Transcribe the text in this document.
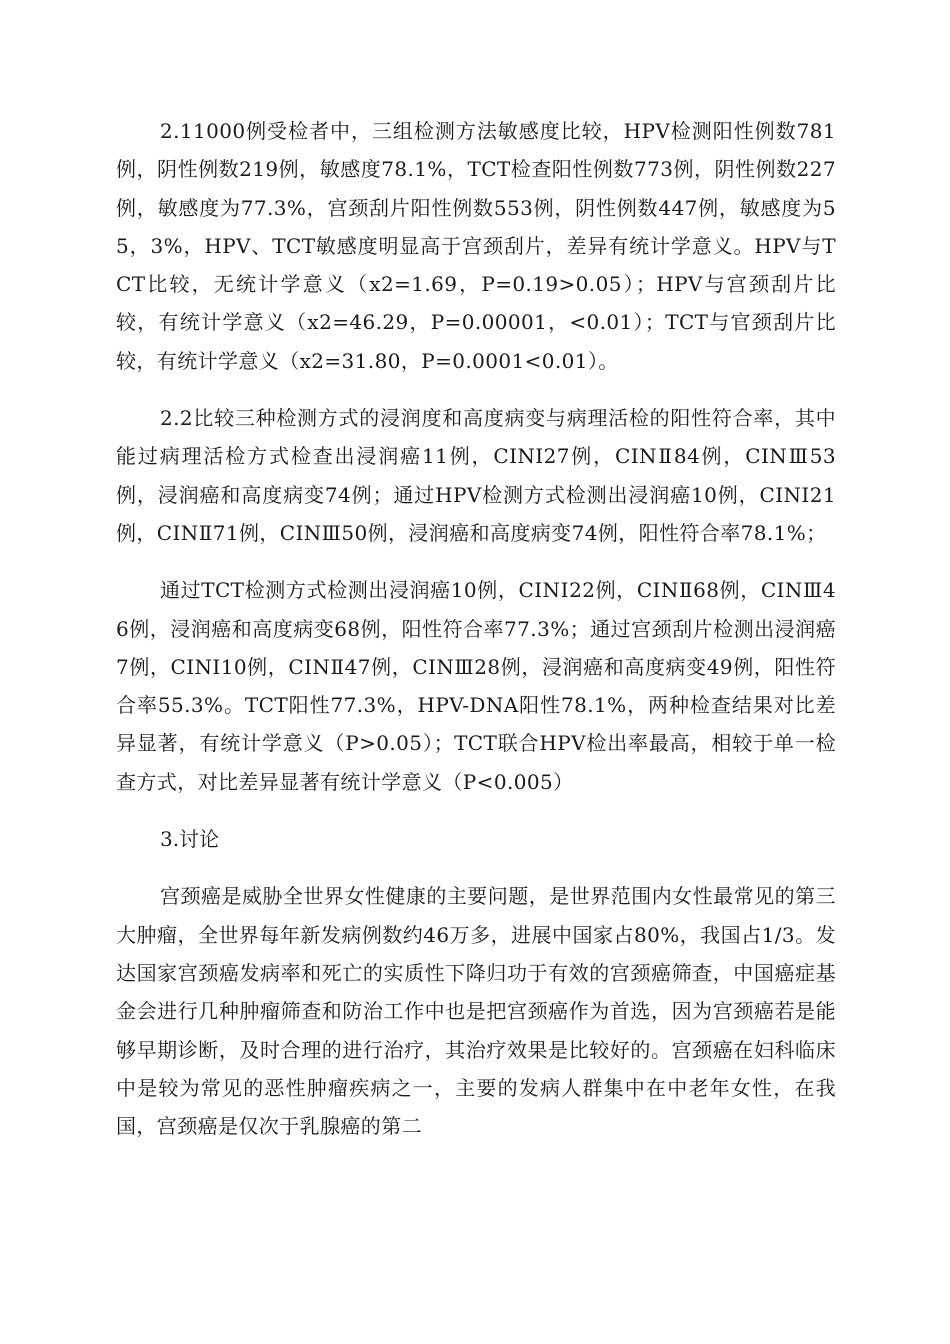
2.11000例受检者中，三组检测方法敏感度比较，HPV检测阳性例数781例，阴性例数219例，敏感度78.1%，TCT检查阳性例数773例，阴性例数227例，敏感度为77.3%，宫颈刮片阳性例数553例，阴性例数447例，敏感度为55，3%，HPV、TCT敏感度明显高于宫颈刮片，差异有统计学意义。HPV与TCT比较，无统计学意义（x2=1.69，P=0.19>0.05）；HPV与宫颈刮片比较，有统计学意义（x2=46.29，P=0.00001，<0.01）；TCT与官颈刮片比较，有统计学意义（x2=31.80，P=0.0001<0.01）。

2.2比较三种检测方式的浸润度和高度病变与病理活检的阳性符合率，其中能过病理活检方式检查出浸润癌11例，CINI27例，CINⅡ84例，CINⅢ53例，浸润癌和高度病变74例；通过HPV检测方式检测出浸润癌10例，CINI21例，CINⅡ71例，CINⅢ50例，浸润癌和高度病变74例，阳性符合率78.1%；

通过TCT检测方式检测出浸润癌10例，CINⅠ22例，CINⅡ68例，CINⅢ46例，浸润癌和高度病变68例，阳性符合率77.3%；通过宫颈刮片检测出浸润癌7例，CINI10例，CINⅡ47例，CINⅢ28例，浸润癌和高度病变49例，阳性符合率55.3%。TCT阳性77.3%，HPV-DNA阳性78.1%，两种检查结果对比差异显著，有统计学意义（P>0.05）；TCT联合HPV检出率最高，相较于单一检查方式，对比差异显著有统计学意义（P<0.005）

3.讨论

宫颈癌是威胁全世界女性健康的主要问题，是世界范围内女性最常见的第三大肿瘤，全世界每年新发病例数约46万多，进展中国家占80%，我国占1/3。发达国家宫颈癌发病率和死亡的实质性下降归功于有效的宫颈癌筛查，中国癌症基金会进行几种肿瘤筛查和防治工作中也是把宫颈癌作为首选，因为宫颈癌若是能够早期诊断，及时合理的进行治疗，其治疗效果是比较好的。宫颈癌在妇科临床中是较为常见的恶性肿瘤疾病之一，主要的发病人群集中在中老年女性，在我国，宫颈癌是仅次于乳腺癌的第二
